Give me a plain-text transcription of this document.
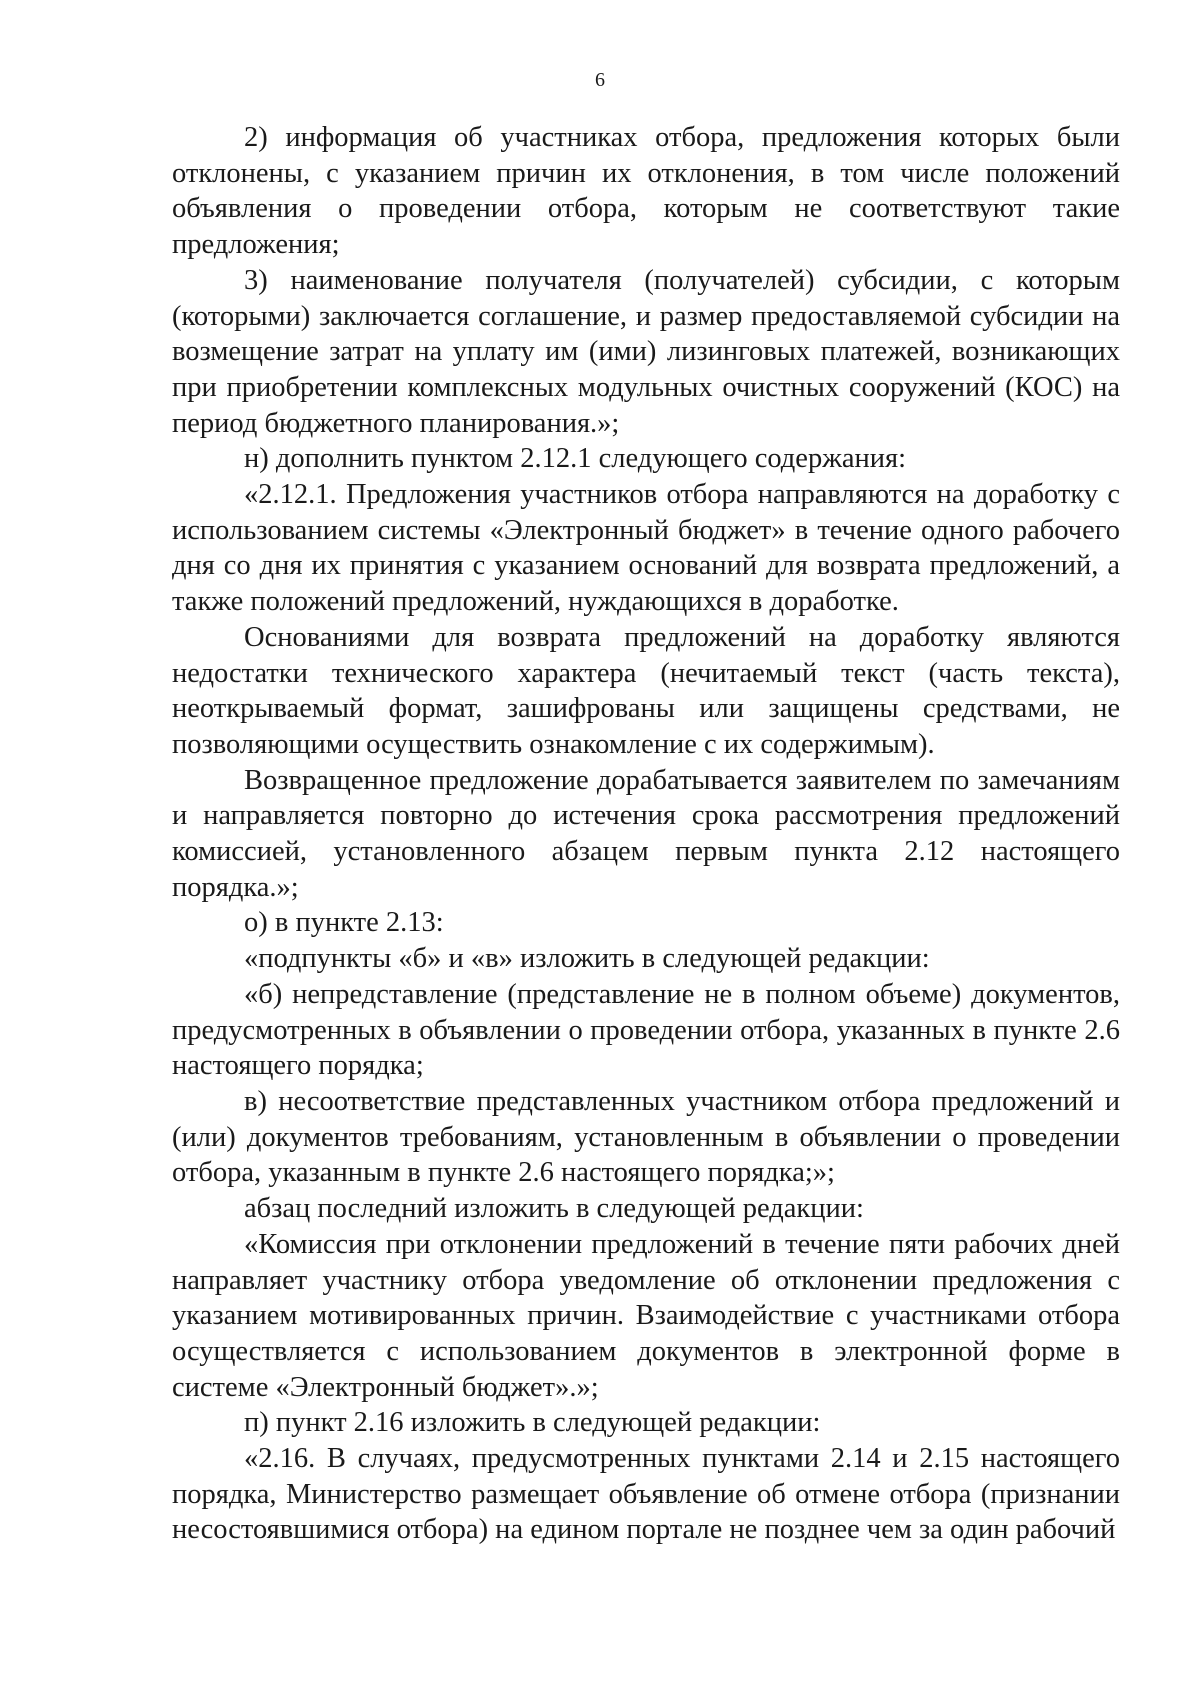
6

2) информация об участниках отбора, предложения которых были отклонены, с указанием причин их отклонения, в том числе положений объявления о проведении отбора, которым не соответствуют такие предложения;

3) наименование получателя (получателей) субсидии, с которым (которыми) заключается соглашение, и размер предоставляемой субсидии на возмещение затрат на уплату им (ими) лизинговых платежей, возникающих при приобретении комплексных модульных очистных сооружений (КОС) на период бюджетного планирования.»;

н) дополнить пунктом 2.12.1 следующего содержания:

«2.12.1. Предложения участников отбора направляются на доработку с использованием системы «Электронный бюджет» в течение одного рабочего дня со дня их принятия с указанием оснований для возврата предложений, а также положений предложений, нуждающихся в доработке.

Основаниями для возврата предложений на доработку являются недостатки технического характера (нечитаемый текст (часть текста), неоткрываемый формат, зашифрованы или защищены средствами, не позволяющими осуществить ознакомление с их содержимым).

Возвращенное предложение дорабатывается заявителем по замечаниям и направляется повторно до истечения срока рассмотрения предложений комиссией, установленного абзацем первым пункта 2.12 настоящего порядка.»;

о) в пункте 2.13:

«подпункты «б» и «в» изложить в следующей редакции:

«б) непредставление (представление не в полном объеме) документов, предусмотренных в объявлении о проведении отбора, указанных в пункте 2.6 настоящего порядка;

в) несоответствие представленных участником отбора предложений и (или) документов требованиям, установленным в объявлении о проведении отбора, указанным в пункте 2.6 настоящего порядка;»;

абзац последний изложить в следующей редакции:

«Комиссия при отклонении предложений в течение пяти рабочих дней направляет участнику отбора уведомление об отклонении предложения с указанием мотивированных причин. Взаимодействие с участниками отбора осуществляется с использованием документов в электронной форме в системе «Электронный бюджет».»;

п) пункт 2.16 изложить в следующей редакции:

«2.16. В случаях, предусмотренных пунктами 2.14 и 2.15 настоящего порядка, Министерство размещает объявление об отмене отбора (признании несостоявшимися отбора) на едином портале не позднее чем за один рабочий
